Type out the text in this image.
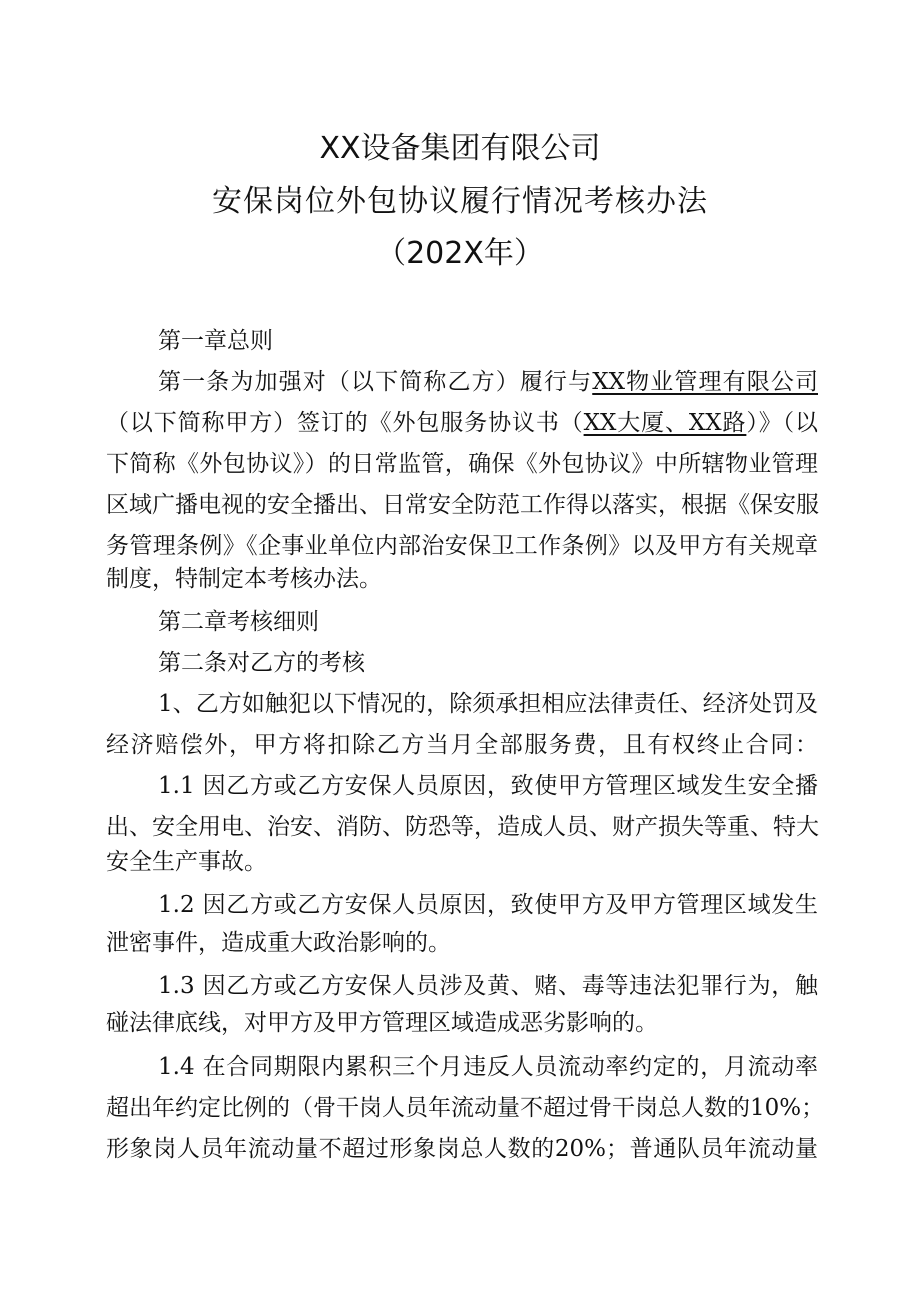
XX设备集团有限公司
安保岗位外包协议履行情况考核办法
（202X年）
第一章总则
第一条为加强对（以下简称乙方）履行与XX物业管理有限公司
（以下简称甲方）签订的《外包服务协议书（XX大厦、XX路）》（以
下简称《外包协议》）的日常监管，确保《外包协议》中所辖物业管理
区域广播电视的安全播出、日常安全防范工作得以落实，根据《保安服
务管理条例》《企事业单位内部治安保卫工作条例》以及甲方有关规章
制度，特制定本考核办法。
第二章考核细则
第二条对乙方的考核
1、乙方如触犯以下情况的，除须承担相应法律责任、经济处罚及
经济赔偿外，甲方将扣除乙方当月全部服务费，且有权终止合同：
1.1 因乙方或乙方安保人员原因，致使甲方管理区域发生安全播
出、安全用电、治安、消防、防恐等，造成人员、财产损失等重、特大
安全生产事故。
1.2 因乙方或乙方安保人员原因，致使甲方及甲方管理区域发生
泄密事件，造成重大政治影响的。
1.3 因乙方或乙方安保人员涉及黄、赌、毒等违法犯罪行为，触
碰法律底线，对甲方及甲方管理区域造成恶劣影响的。
1.4 在合同期限内累积三个月违反人员流动率约定的，月流动率
超出年约定比例的（骨干岗人员年流动量不超过骨干岗总人数的10%；
形象岗人员年流动量不超过形象岗总人数的20%；普通队员年流动量
